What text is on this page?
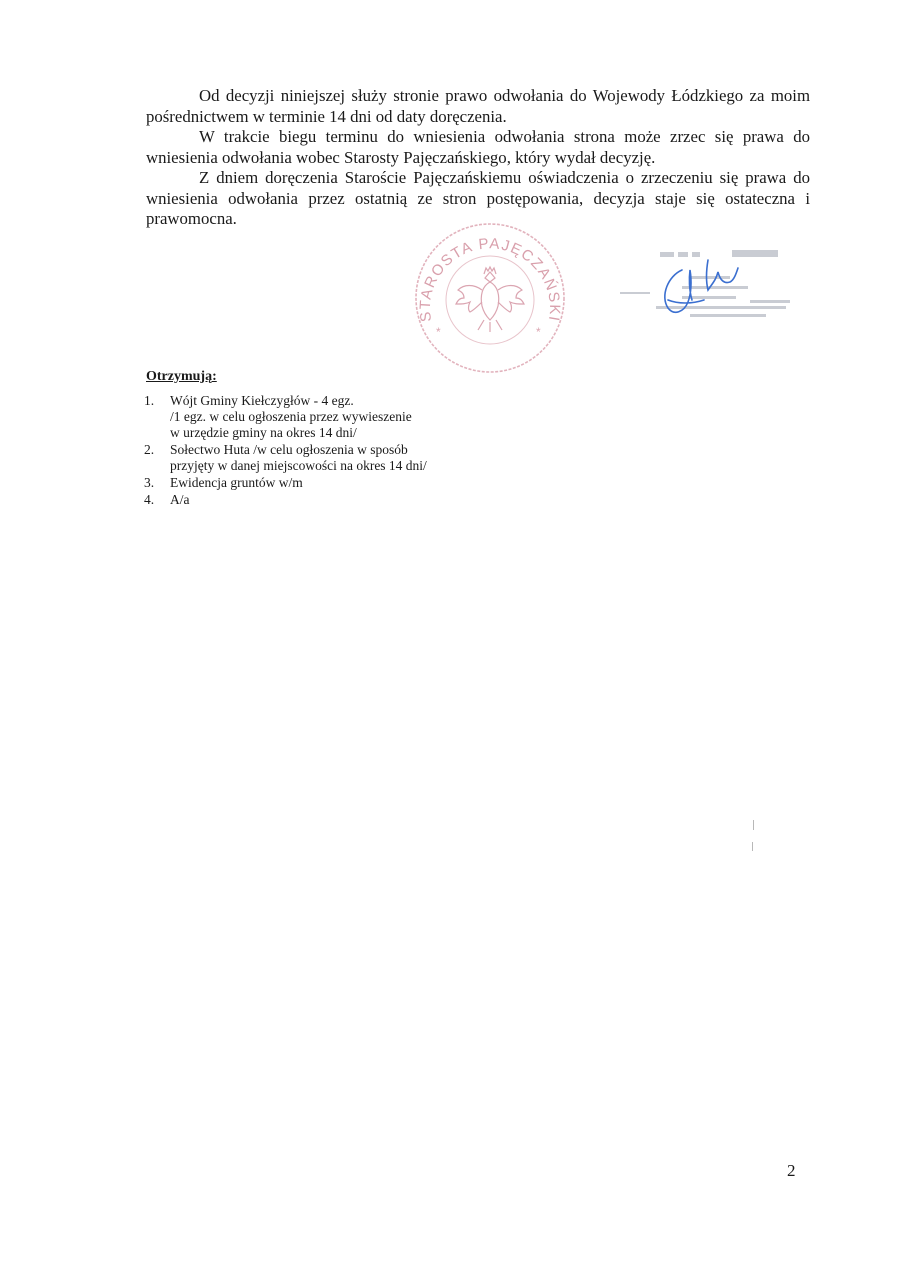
Od decyzji niniejszej służy stronie prawo odwołania do Wojewody Łódzkiego za moim pośrednictwem w terminie 14 dni od daty doręczenia.

W trakcie biegu terminu do wniesienia odwołania strona może zrzec się prawa do wniesienia odwołania wobec Starosty Pajęczańskiego, który wydał decyzję.

Z dniem doręczenia Staroście Pajęczańskiemu oświadczenia o zrzeczeniu się prawa do wniesienia odwołania przez ostatnią ze stron postępowania, decyzja staje się ostateczna i prawomocna.

*	*
STAROSTA PAJĘCZAŃSKI

Otrzymują:

1. Wójt Gminy Kiełczygłów - 4 egz.
/1 egz. w celu ogłoszenia przez wywieszenie
w urzędzie gminy na okres 14 dni/
2. Sołectwo Huta /w celu ogłoszenia w sposób
przyjęty w danej miejscowości na okres 14 dni/
3. Ewidencja gruntów w/m
4. A/a

2
